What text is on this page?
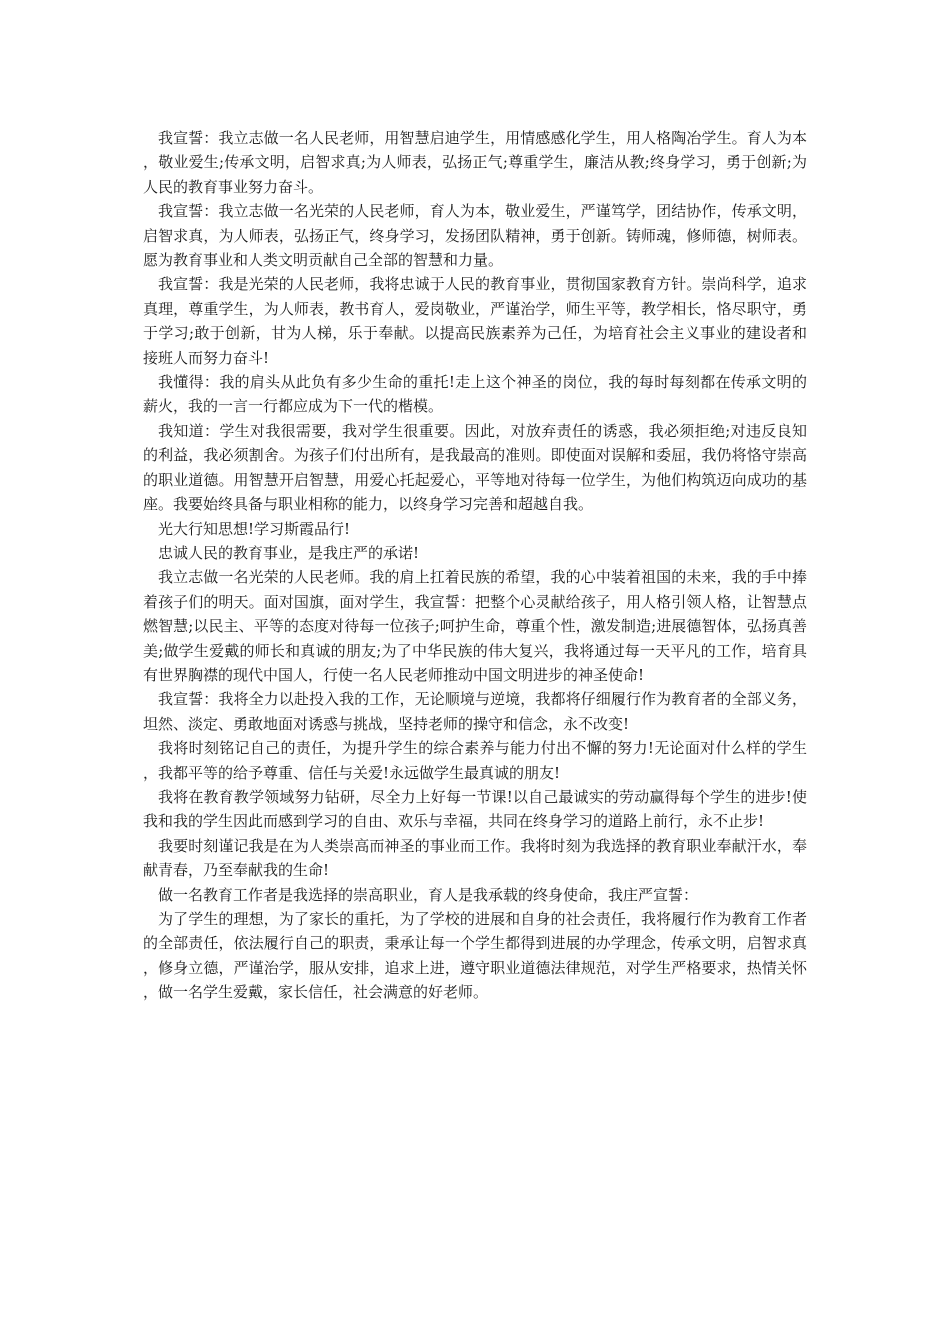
我宣誓：我立志做一名人民老师，用智慧启迪学生，用情感感化学生，用人格陶冶学生。育人为本，敬业爱生;传承文明，启智求真;为人师表，弘扬正气;尊重学生，廉洁从教;终身学习，勇于创新;为人民的教育事业努力奋斗。

我宣誓：我立志做一名光荣的人民老师，育人为本，敬业爱生，严谨笃学，团结协作，传承文明，启智求真，为人师表，弘扬正气，终身学习，发扬团队精神，勇于创新。铸师魂，修师德，树师表。愿为教育事业和人类文明贡献自己全部的智慧和力量。

我宣誓：我是光荣的人民老师，我将忠诚于人民的教育事业，贯彻国家教育方针。崇尚科学，追求真理，尊重学生，为人师表，教书育人，爱岗敬业，严谨治学，师生平等，教学相长，恪尽职守，勇于学习;敢于创新，甘为人梯，乐于奉献。以提高民族素养为己任，为培育社会主义事业的建设者和接班人而努力奋斗!

我懂得：我的肩头从此负有多少生命的重托!走上这个神圣的岗位，我的每时每刻都在传承文明的薪火，我的一言一行都应成为下一代的楷模。

我知道：学生对我很需要，我对学生很重要。因此，对放弃责任的诱惑，我必须拒绝;对违反良知的利益，我必须割舍。为孩子们付出所有，是我最高的准则。即使面对误解和委屈，我仍将恪守崇高的职业道德。用智慧开启智慧，用爱心托起爱心，平等地对待每一位学生，为他们构筑迈向成功的基座。我要始终具备与职业相称的能力，以终身学习完善和超越自我。

光大行知思想!学习斯霞品行!

忠诚人民的教育事业，是我庄严的承诺!

我立志做一名光荣的人民老师。我的肩上扛着民族的希望，我的心中装着祖国的未来，我的手中捧着孩子们的明天。面对国旗，面对学生，我宣誓：把整个心灵献给孩子，用人格引领人格，让智慧点燃智慧;以民主、平等的态度对待每一位孩子;呵护生命，尊重个性，激发制造;进展德智体，弘扬真善美;做学生爱戴的师长和真诚的朋友;为了中华民族的伟大复兴，我将通过每一天平凡的工作，培育具有世界胸襟的现代中国人，行使一名人民老师推动中国文明进步的神圣使命!

我宣誓：我将全力以赴投入我的工作，无论顺境与逆境，我都将仔细履行作为教育者的全部义务，坦然、淡定、勇敢地面对诱惑与挑战，坚持老师的操守和信念，永不改变!

我将时刻铭记自己的责任，为提升学生的综合素养与能力付出不懈的努力!无论面对什么样的学生，我都平等的给予尊重、信任与关爱!永远做学生最真诚的朋友!

我将在教育教学领域努力钻研，尽全力上好每一节课!以自己最诚实的劳动赢得每个学生的进步!使我和我的学生因此而感到学习的自由、欢乐与幸福，共同在终身学习的道路上前行，永不止步!

我要时刻谨记我是在为人类崇高而神圣的事业而工作。我将时刻为我选择的教育职业奉献汗水，奉献青春，乃至奉献我的生命!

做一名教育工作者是我选择的崇高职业，育人是我承载的终身使命，我庄严宣誓：

为了学生的理想，为了家长的重托，为了学校的进展和自身的社会责任，我将履行作为教育工作者的全部责任，依法履行自己的职责，秉承让每一个学生都得到进展的办学理念，传承文明，启智求真，修身立德，严谨治学，服从安排，追求上进，遵守职业道德法律规范，对学生严格要求，热情关怀，做一名学生爱戴，家长信任，社会满意的好老师。
